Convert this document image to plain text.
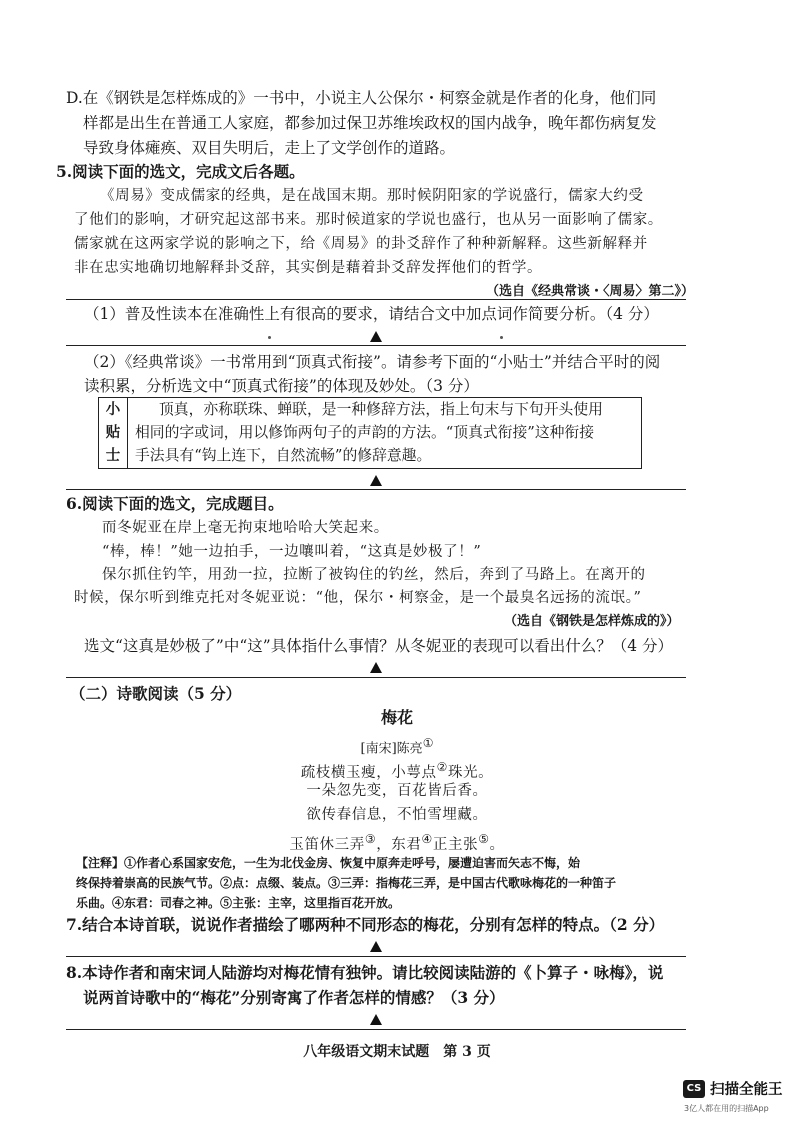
D.在《钢铁是怎样炼成的》一书中，小说主人公保尔・柯察金就是作者的化身，他们同
样都是出生在普通工人家庭，都参加过保卫苏维埃政权的国内战争，晚年都伤病复发
导致身体瘫痪、双目失明后，走上了文学创作的道路。
5.阅读下面的选文，完成文后各题。
《周易》变成儒家的经典，是在战国末期。那时候阴阳家的学说盛行，儒家大约受
了他们的影响，才研究起这部书来。那时候道家的学说也盛行，也从另一面影响了儒家。
儒家就在这两家学说的影响之下，给《周易》的卦爻辞作了种种新解释。这些新解释并
非在忠实地确切地解释卦爻辞，其实倒是藉着卦爻辞发挥他们的哲学。
（选自《经典常谈・〈周易〉第二》）
（1）普及性读本在准确性上有很高的要求，请结合文中加点词作简要分析。（4 分）
（2）《经典常谈》一书常用到“顶真式衔接”。请参考下面的“小贴士”并结合平时的阅
读积累，分析选文中“顶真式衔接”的体现及妙处。（3 分）
小
贴
士
顶真，亦称联珠、蝉联，是一种修辞方法，指上句末与下句开头使用
相同的字或词，用以修饰两句子的声韵的方法。“顶真式衔接”这种衔接
手法具有“钩上连下，自然流畅”的修辞意趣。
6.阅读下面的选文，完成题目。
而冬妮亚在岸上毫无拘束地哈哈大笑起来。
“棒，棒！”她一边拍手，一边嚷叫着，“这真是妙极了！”
保尔抓住钓竿，用劲一拉，拉断了被钩住的钓丝，然后，奔到了马路上。在离开的
时候，保尔听到维克托对冬妮亚说：“他，保尔・柯察金，是一个最臭名远扬的流氓。”
（选自《钢铁是怎样炼成的》）
选文“这真是妙极了”中“这”具体指什么事情？从冬妮亚的表现可以看出什么？（4 分）
（二）诗歌阅读（5 分）
梅花
[南宋]陈亮①
疏枝横玉瘦，小萼点②珠光。
一朵忽先变，百花皆后香。
欲传春信息，不怕雪埋藏。
玉笛休三弄③，东君④正主张⑤。
【注释】①作者心系国家安危，一生为北伐金房、恢复中原奔走呼号，屡遭迫害而矢志不悔，始
终保持着崇高的民族气节。②点：点缀、装点。③三弄：指梅花三弄，是中国古代歌咏梅花的一种笛子
乐曲。④东君：司春之神。⑤主张：主宰，这里指百花开放。
7.结合本诗首联，说说作者描绘了哪两种不同形态的梅花，分别有怎样的特点。（2 分）
8.本诗作者和南宋词人陆游均对梅花情有独钟。请比较阅读陆游的《卜算子・咏梅》，说
说两首诗歌中的“梅花”分别寄寓了作者怎样的情感？（3 分）
八年级语文期末试题　第 3 页
CS 扫描全能王
3亿人都在用的扫描App
